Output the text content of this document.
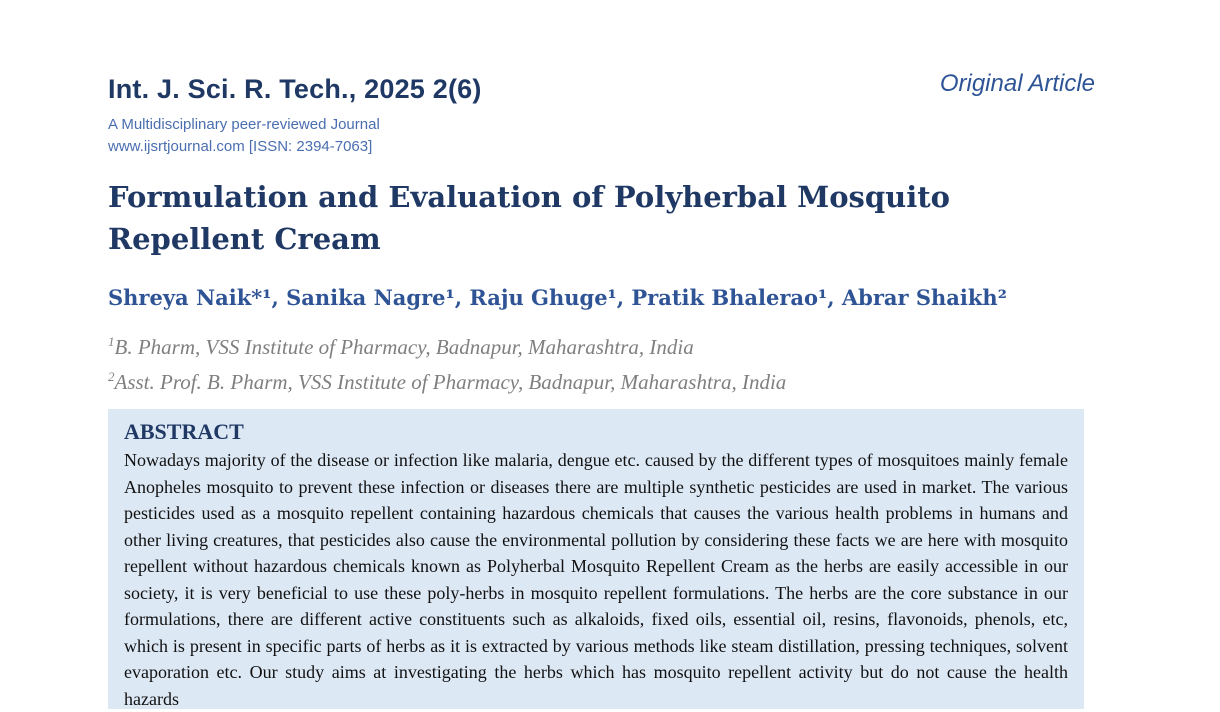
Int. J. Sci. R. Tech., 2025 2(6)	Original Article
A Multidisciplinary peer-reviewed Journal
www.ijsrtjournal.com [ISSN: 2394-7063]
Formulation and Evaluation of Polyherbal Mosquito Repellent Cream

Shreya Naik*¹, Sanika Nagre¹, Raju Ghuge¹, Pratik Bhalerao¹, Abrar Shaikh²

$^1$B. Pharm, VSS Institute of Pharmacy, Badnapur, Maharashtra, India
$^2$Asst. Prof. B. Pharm, VSS Institute of Pharmacy, Badnapur, Maharashtra, India
ABSTRACT

Nowadays majority of the disease or infection like malaria, dengue etc. caused by the different types of mosquitoes mainly female Anopheles mosquito to prevent these infection or diseases there are multiple synthetic pesticides are used in market. The various pesticides used as a mosquito repellent containing hazardous chemicals that causes the various health problems in humans and other living creatures, that pesticides also cause the environmental pollution by considering these facts we are here with mosquito repellent without hazardous chemicals known as Polyherbal Mosquito Repellent Cream as the herbs are easily accessible in our society, it is very beneficial to use these poly-herbs in mosquito repellent formulations. The herbs are the core substance in our formulations, there are different active constituents such as alkaloids, fixed oils, essential oil, resins, flavonoids, phenols, etc, which is present in specific parts of herbs as it is extracted by various methods like steam distillation, pressing techniques, solvent evaporation etc. Our study aims at investigating the herbs which has mosquito repellent activity but do not cause the health hazards
